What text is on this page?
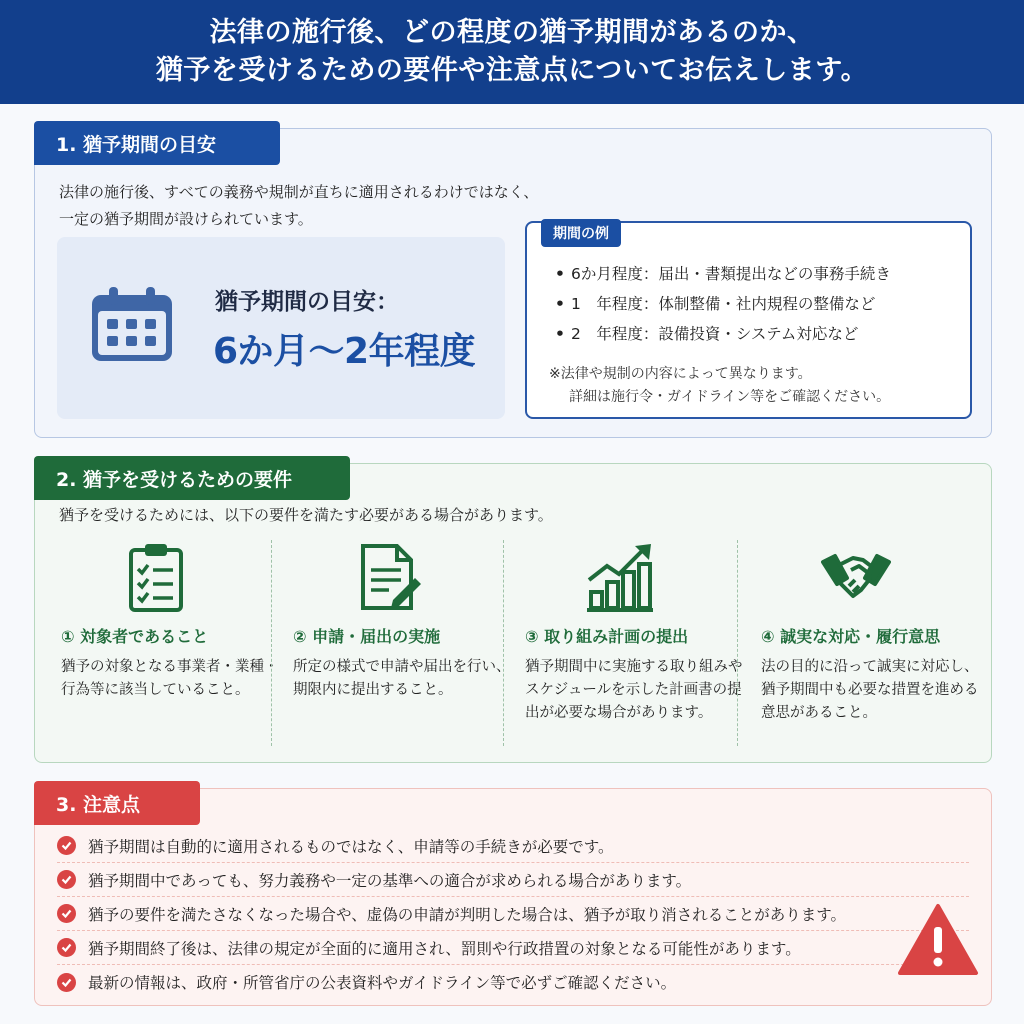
法律の施行後、どの程度の猶予期間があるのか、
猶予を受けるための要件や注意点についてお伝えします。
1. 猶予期間の目安
法律の施行後、すべての義務や規制が直ちに適用されるわけではなく、
一定の猶予期間が設けられています。
猶予期間の目安：
6か月〜2年程度
期間の例
• 6か月程度：届出・書類提出などの事務手続き
• 1　年程度：体制整備・社内規程の整備など
• 2　年程度：設備投資・システム対応など
※法律や規制の内容によって異なります。
詳細は施行令・ガイドライン等をご確認ください。
2. 猶予を受けるための要件
猶予を受けるためには、以下の要件を満たす必要がある場合があります。
① 対象者であること
猶予の対象となる事業者・業種・行為等に該当していること。
② 申請・届出の実施
所定の様式で申請や届出を行い、期限内に提出すること。
③ 取り組み計画の提出
猶予期間中に実施する取り組みやスケジュールを示した計画書の提出が必要な場合があります。
④ 誠実な対応・履行意思
法の目的に沿って誠実に対応し、猶予期間中も必要な措置を進める意思があること。
3. 注意点
猶予期間は自動的に適用されるものではなく、申請等の手続きが必要です。
猶予期間中であっても、努力義務や一定の基準への適合が求められる場合があります。
猶予の要件を満たさなくなった場合や、虚偽の申請が判明した場合は、猶予が取り消されることがあります。
猶予期間終了後は、法律の規定が全面的に適用され、罰則や行政措置の対象となる可能性があります。
最新の情報は、政府・所管省庁の公表資料やガイドライン等で必ずご確認ください。
